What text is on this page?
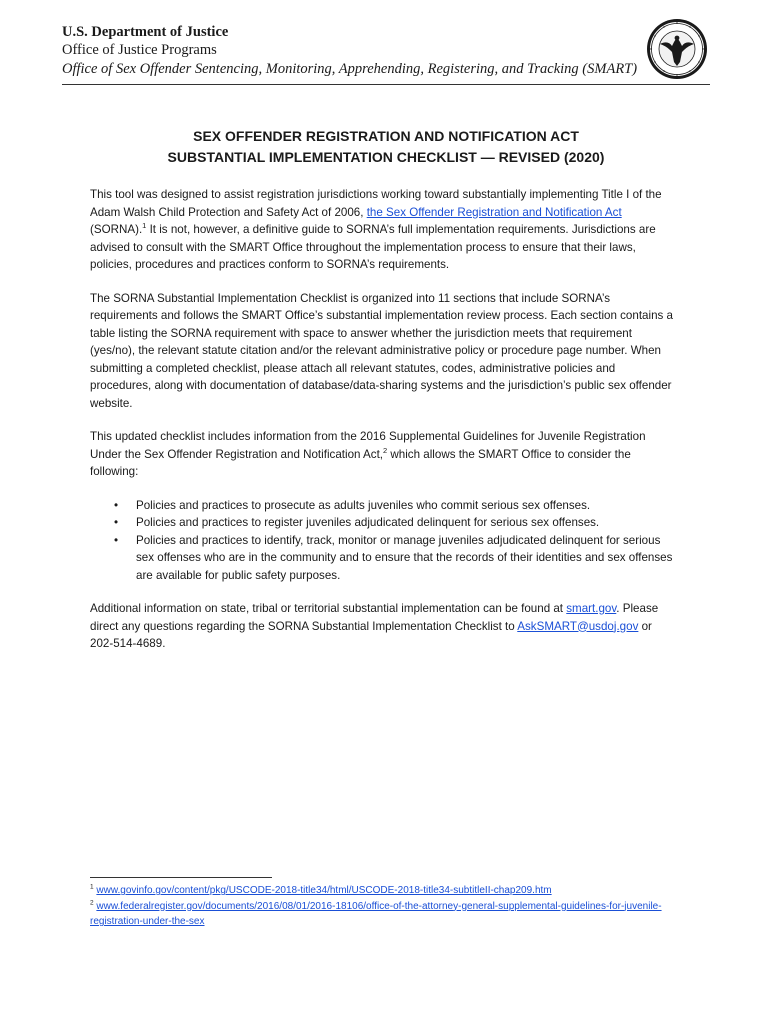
U.S. Department of Justice
Office of Justice Programs
Office of Sex Offender Sentencing, Monitoring, Apprehending, Registering, and Tracking (SMART)
SEX OFFENDER REGISTRATION AND NOTIFICATION ACT
SUBSTANTIAL IMPLEMENTATION CHECKLIST — REVISED (2020)

This tool was designed to assist registration jurisdictions working toward substantially implementing Title I of the Adam Walsh Child Protection and Safety Act of 2006, the Sex Offender Registration and Notification Act (SORNA).$^1$ It is not, however, a definitive guide to SORNA’s full implementation requirements. Jurisdictions are advised to consult with the SMART Office throughout the implementation process to ensure that their laws, policies, procedures and practices conform to SORNA’s requirements.

The SORNA Substantial Implementation Checklist is organized into 11 sections that include SORNA’s requirements and follows the SMART Office’s substantial implementation review process. Each section contains a table listing the SORNA requirement with space to answer whether the jurisdiction meets that requirement (yes/no), the relevant statute citation and/or the relevant administrative policy or procedure page number. When submitting a completed checklist, please attach all relevant statutes, codes, administrative policies and procedures, along with documentation of database/data-sharing systems and the jurisdiction’s public sex offender website.

This updated checklist includes information from the 2016 Supplemental Guidelines for Juvenile Registration Under the Sex Offender Registration and Notification Act,$^2$ which allows the SMART Office to consider the following:

• Policies and practices to prosecute as adults juveniles who commit serious sex offenses.
• Policies and practices to register juveniles adjudicated delinquent for serious sex offenses.
• Policies and practices to identify, track, monitor or manage juveniles adjudicated delinquent for serious sex offenses who are in the community and to ensure that the records of their identities and sex offenses are available for public safety purposes.

Additional information on state, tribal or territorial substantial implementation can be found at smart.gov. Please direct any questions regarding the SORNA Substantial Implementation Checklist to AskSMART@usdoj.gov or 202-514-4689.

$^1$ www.govinfo.gov/content/pkg/USCODE-2018-title34/html/USCODE-2018-title34-subtitleII-chap209.htm
$^2$ www.federalregister.gov/documents/2016/08/01/2016-18106/office-of-the-attorney-general-supplemental-guidelines-for-juvenile-registration-under-the-sex
